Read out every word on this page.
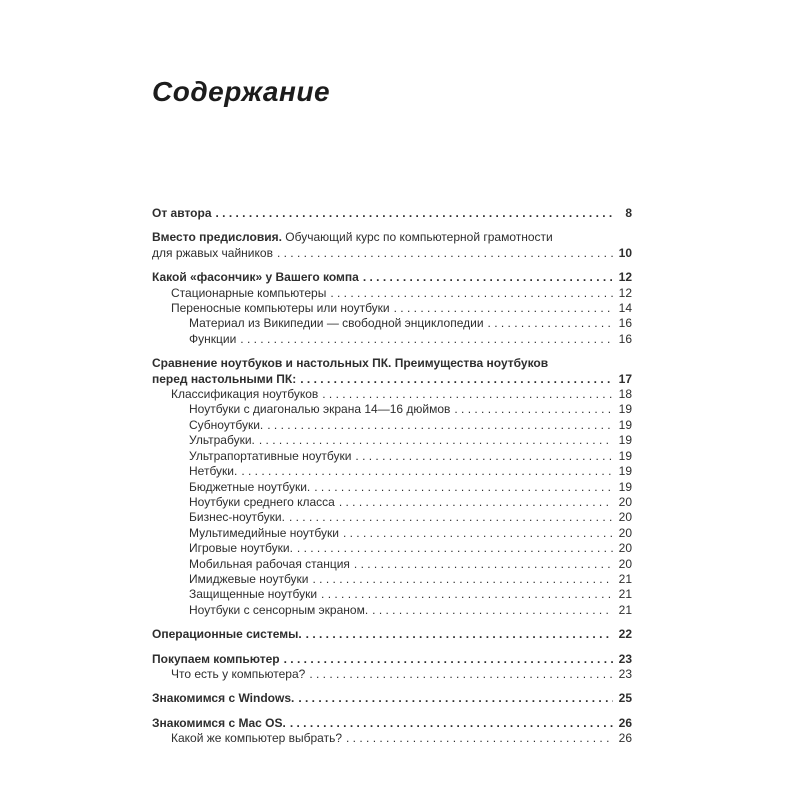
Содержание
От автора . . .	8
Вместо предисловия. Обучающий курс по компьютерной грамотности
для ржавых чайников . . .	10
Какой «фасончик» у Вашего компа . . .	12
Стационарные компьютеры . . .	12
Переносные компьютеры или ноутбуки . . .	14
Материал из Википедии — свободной энциклопедии . . .	16
Функции . . .	16
Сравнение ноутбуков и настольных ПК. Преимущества ноутбуков
перед настольными ПК: . . .	17
Классификация ноутбуков . . .	18
Ноутбуки с диагональю экрана 14—16 дюймов . . .	19
Субноутбуки. . . .	19
Ультрабуки. . . .	19
Ультрапортативные ноутбуки . . .	19
Нетбуки. . . .	19
Бюджетные ноутбуки. . . .	19
Ноутбуки среднего класса . . .	20
Бизнес-ноутбуки. . . .	20
Мультимедийные ноутбуки . . .	20
Игровые ноутбуки. . . .	20
Мобильная рабочая станция . . .	20
Имиджевые ноутбуки . . .	21
Защищенные ноутбуки . . .	21
Ноутбуки с сенсорным экраном. . . .	21
Операционные системы. . . .	22
Покупаем компьютер . . .	23
Что есть у компьютера? . . .	23
Знакомимся с Windows. . . .	25
Знакомимся с Mac OS. . . .	26
Какой же компьютер выбрать? . . .	26
